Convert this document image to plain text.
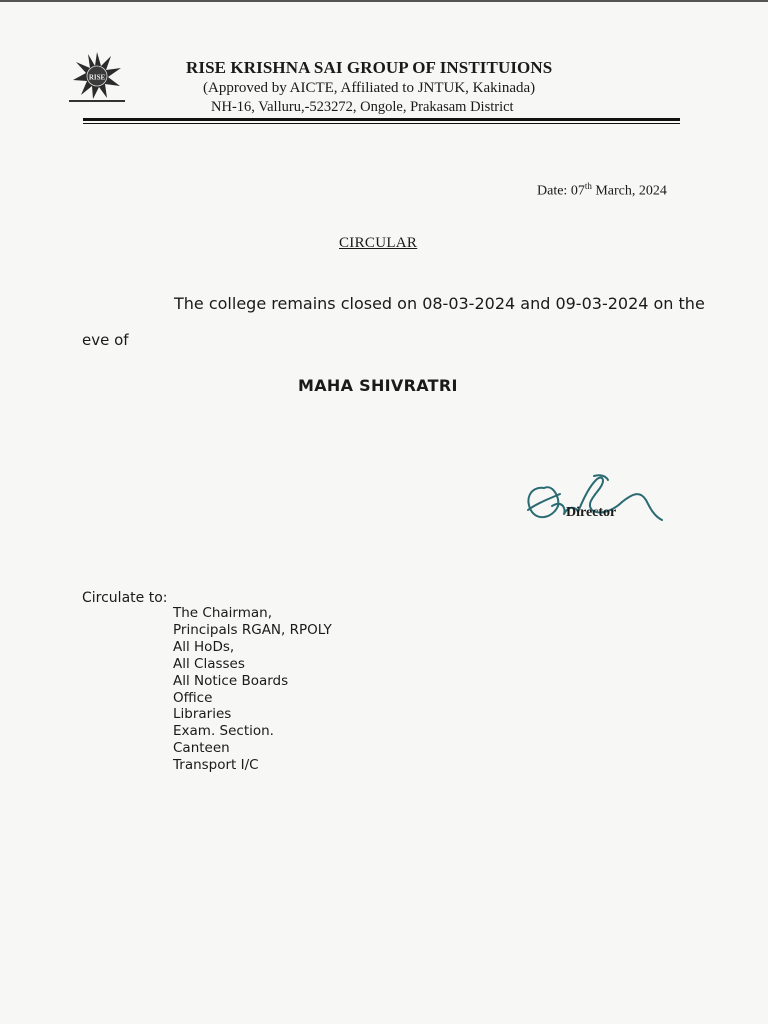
RISE
RISE KRISHNA SAI GROUP OF INSTITUIONS
(Approved by AICTE, Affiliated to JNTUK, Kakinada)
NH-16, Valluru,-523272, Ongole, Prakasam District
Date: 07th March, 2024
CIRCULAR
The college remains closed on 08-03-2024 and 09-03-2024 on the
eve of
MAHA SHIVRATRI
Director
Circulate to:
The Chairman,
Principals RGAN, RPOLY
All HoDs,
All Classes
All Notice Boards
Office
Libraries
Exam. Section.
Canteen
Transport I/C
